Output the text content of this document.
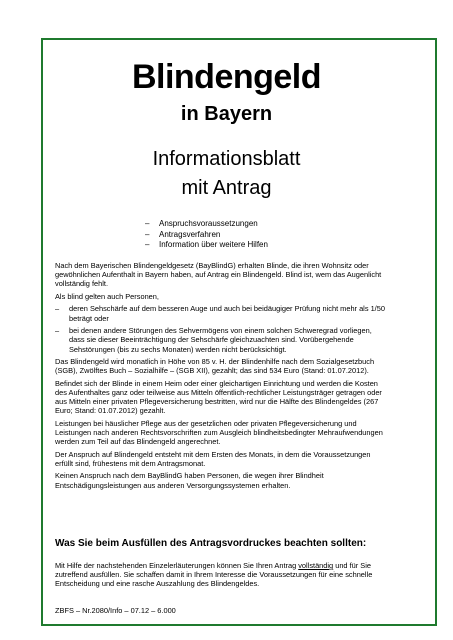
Blindengeld
in Bayern
Informationsblatt
mit Antrag
– Anspruchsvoraussetzungen
– Antragsverfahren
– Information über weitere Hilfen

Nach dem Bayerischen Blindengeldgesetz (BayBlindG) erhalten Blinde, die ihren Wohnsitz oder gewöhnlichen Aufenthalt in Bayern haben, auf Antrag ein Blindengeld. Blind ist, wem das Augenlicht vollständig fehlt.

Als blind gelten auch Personen,

–	deren Sehschärfe auf dem besseren Auge und auch bei beidäugiger Prüfung nicht mehr als 1/50 beträgt oder
–	bei denen andere Störungen des Sehvermögens von einem solchen Schweregrad vorliegen, dass sie dieser Beeinträchtigung der Sehschärfe gleichzuachten sind. Vorübergehende Sehstörungen (bis zu sechs Monaten) werden nicht berücksichtigt.

Das Blindengeld wird monatlich in Höhe von 85 v. H. der Blindenhilfe nach dem Sozialgesetzbuch (SGB), Zwölftes Buch – Sozialhilfe – (SGB XII), gezahlt; das sind 534 Euro (Stand: 01.07.2012).

Befindet sich der Blinde in einem Heim oder einer gleichartigen Einrichtung und werden die Kosten des Aufenthaltes ganz oder teilweise aus Mitteln öffentlich-rechtlicher Leistungsträger getragen oder aus Mitteln einer privaten Pflegeversicherung bestritten, wird nur die Hälfte des Blindengeldes (267 Euro; Stand: 01.07.2012) gezahlt.

Leistungen bei häuslicher Pflege aus der gesetzlichen oder privaten Pflegeversicherung und Leistungen nach anderen Rechtsvorschriften zum Ausgleich blindheitsbedingter Mehraufwendungen werden zum Teil auf das Blindengeld angerechnet.

Der Anspruch auf Blindengeld entsteht mit dem Ersten des Monats, in dem die Voraussetzungen erfüllt sind, frühestens mit dem Antragsmonat.

Keinen Anspruch nach dem BayBlindG haben Personen, die wegen ihrer Blindheit Entschädigungsleistungen aus anderen Versorgungssystemen erhalten.

Was Sie beim Ausfüllen des Antragsvordruckes beachten sollten:
Mit Hilfe der nachstehenden Einzelerläuterungen können Sie Ihren Antrag vollständig und für Sie zutreffend ausfüllen. Sie schaffen damit in Ihrem Interesse die Voraussetzungen für eine schnelle Entscheidung und eine rasche Auszahlung des Blindengeldes.
ZBFS – Nr.2080/Info – 07.12 – 6.000
